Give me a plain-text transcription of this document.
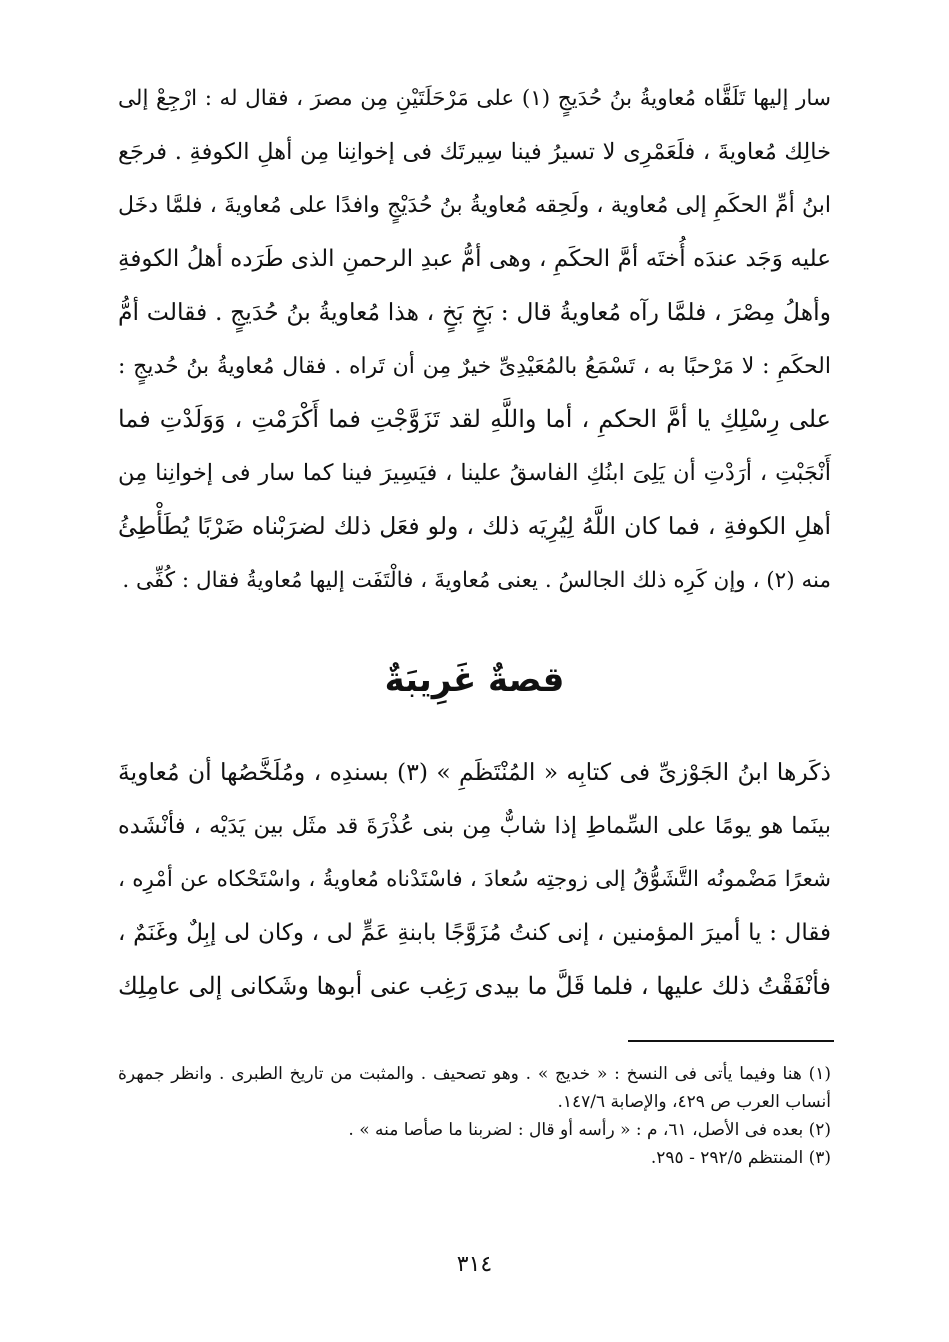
سار إليها تَلَقَّاه مُعاويةُ بنُ حُدَيجٍ (١) على مَرْحَلَتَيْنِ مِن مصرَ ، فقال له : ارْجِعْ إلى
خالِك مُعاويةَ ، فلَعَمْرِى لا تسيرُ فينا سِيرتَك فى إخوانِنا مِن أهلِ الكوفةِ . فرجَع
ابنُ أمِّ الحكَمِ إلى مُعاوية ، ولَحِقه مُعاويةُ بنُ حُدَيْجٍ وافدًا على مُعاويةَ ، فلمَّا دخَل
عليه وَجَد عندَه أُختَه أمَّ الحكَمِ ، وهى أمُّ عبدِ الرحمنِ الذى طَرَده أهلُ الكوفةِ
وأهلُ مِصْرَ ، فلمَّا رآه مُعاويةُ قال : بَخٍ بَخٍ ، هذا مُعاويةُ بنُ حُدَيجٍ . فقالت أمُّ
الحكَمِ : لا مَرْحبًا به ، تَسْمَعُ بالمُعَيْدِىِّ خيرٌ مِن أن تَراه . فقال مُعاويةُ بنُ حُديجٍ :
على رِسْلِكِ يا أمَّ الحكمِ ، أما واللَّهِ لقد تَزَوَّجْتِ فما أَكْرَمْتِ ، وَوَلَدْتِ فما
أَنْجَبْتِ ، أرَدْتِ أن يَلِىَ ابنُكِ الفاسقُ علينا ، فيَسِيرَ فينا كما سار فى إخوانِنا مِن
أهلِ الكوفةِ ، فما كان اللَّهُ لِيُرِيَه ذلك ، ولو فعَل ذلك لضرَبْناه ضَرْبًا يُطَأْطِئُ
منه (٢) ، وإن كَرِه ذلك الجالسُ . يعنى مُعاويةَ ، فالْتَفَت إليها مُعاويةُ فقال : كُفِّى .
قصةٌ غَرِيبَةٌ
ذكَرها ابنُ الجَوْزىِّ فى كتابِه « المُنْتَظَمِ » (٣) بسندِه ، ومُلَخَّصُها أن مُعاويةَ
بينَما هو يومًا على السِّماطِ إذا شابٌّ مِن بنى عُذْرَةَ قد مثَل بين يَدَيْه ، فأنْشَده
شعرًا مَضْمونُه التَّشَوُّقُ إلى زوجتِه سُعادَ ، فاسْتَدْناه مُعاويةُ ، واسْتَحْكاه عن أمْرِه ،
فقال : يا أميرَ المؤمنين ، إنى كنتُ مُزَوَّجًا بابنةِ عَمٍّ لى ، وكان لى إبِلٌ وغَنَمٌ ،
فأنْفَقْتُ ذلك عليها ، فلما قَلَّ ما بيدى رَغِب عنى أبوها وشَكانى إلى عامِلِك
(١) هنا وفيما يأتى فى النسخ : « خديج » . وهو تصحيف . والمثبت من تاريخ الطبرى . وانظر جمهرة
أنساب العرب ص ٤٢٩، والإصابة ١٤٧/٦.
(٢) بعده فى الأصل، ٦١، م : « رأسه أو قال : لضربنا ما صأصا منه » .
(٣) المنتظم ٢٩٢/٥ - ٢٩٥.
٣١٤
